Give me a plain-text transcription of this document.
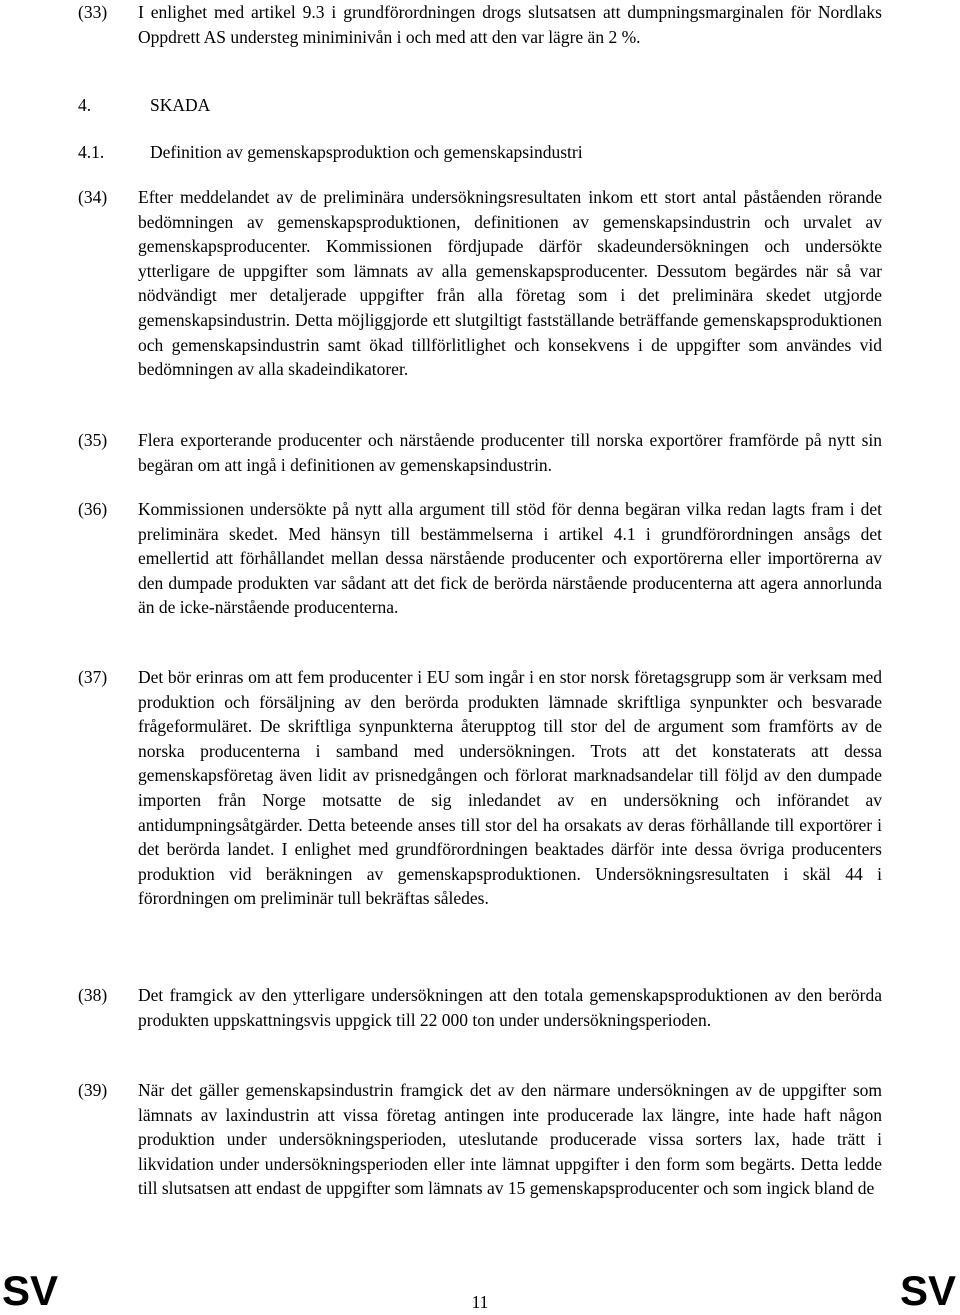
(33)	I enlighet med artikel 9.3 i grundförordningen drogs slutsatsen att dumpningsmarginalen för Nordlaks Oppdrett AS understeg miniminivån i och med att den var lägre än 2 %.
4.	SKADA
4.1.	Definition av gemenskapsproduktion och gemenskapsindustri
(34)	Efter meddelandet av de preliminära undersökningsresultaten inkom ett stort antal påståenden rörande bedömningen av gemenskapsproduktionen, definitionen av gemenskapsindustrin och urvalet av gemenskapsproducenter. Kommissionen fördjupade därför skadeundersökningen och undersökte ytterligare de uppgifter som lämnats av alla gemenskapsproducenter. Dessutom begärdes när så var nödvändigt mer detaljerade uppgifter från alla företag som i det preliminära skedet utgjorde gemenskapsindustrin. Detta möjliggjorde ett slutgiltigt fastställande beträffande gemenskapsproduktionen och gemenskapsindustrin samt ökad tillförlitlighet och konsekvens i de uppgifter som användes vid bedömningen av alla skadeindikatorer.
(35)	Flera exporterande producenter och närstående producenter till norska exportörer framförde på nytt sin begäran om att ingå i definitionen av gemenskapsindustrin.
(36)	Kommissionen undersökte på nytt alla argument till stöd för denna begäran vilka redan lagts fram i det preliminära skedet. Med hänsyn till bestämmelserna i artikel 4.1 i grundförordningen ansågs det emellertid att förhållandet mellan dessa närstående producenter och exportörerna eller importörerna av den dumpade produkten var sådant att det fick de berörda närstående producenterna att agera annorlunda än de icke-närstående producenterna.
(37)	Det bör erinras om att fem producenter i EU som ingår i en stor norsk företagsgrupp som är verksam med produktion och försäljning av den berörda produkten lämnade skriftliga synpunkter och besvarade frågeformuläret. De skriftliga synpunkterna återupptog till stor del de argument som framförts av de norska producenterna i samband med undersökningen. Trots att det konstaterats att dessa gemenskapsföretag även lidit av prisnedgången och förlorat marknadsandelar till följd av den dumpade importen från Norge motsatte de sig inledandet av en undersökning och införandet av antidumpningsåtgärder. Detta beteende anses till stor del ha orsakats av deras förhållande till exportörer i det berörda landet. I enlighet med grundförordningen beaktades därför inte dessa övriga producenters produktion vid beräkningen av gemenskapsproduktionen. Undersökningsresultaten i skäl 44 i förordningen om preliminär tull bekräftas således.
(38)	Det framgick av den ytterligare undersökningen att den totala gemenskapsproduktionen av den berörda produkten uppskattningsvis uppgick till 22 000 ton under undersökningsperioden.
(39)	När det gäller gemenskapsindustrin framgick det av den närmare undersökningen av de uppgifter som lämnats av laxindustrin att vissa företag antingen inte producerade lax längre, inte hade haft någon produktion under undersökningsperioden, uteslutande producerade vissa sorters lax, hade trätt i likvidation under undersökningsperioden eller inte lämnat uppgifter i den form som begärts. Detta ledde till slutsatsen att endast de uppgifter som lämnats av 15 gemenskapsproducenter och som ingick bland de
SV	11	SV
